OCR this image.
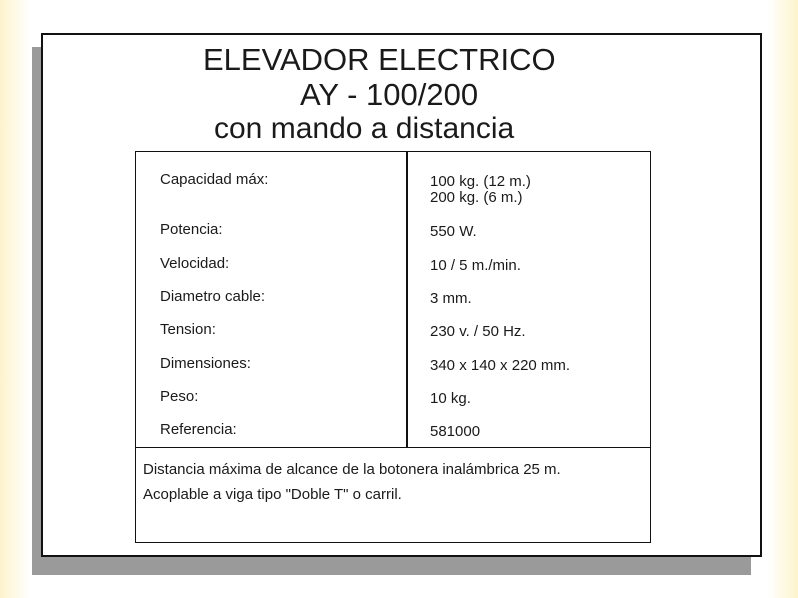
ELEVADOR ELECTRICO
AY - 100/200
con mando a distancia
Capacidad máx:	100 kg. (12 m.)
200 kg. (6 m.)
Potencia:	550 W.
Velocidad:	10 / 5 m./min.
Diametro cable:	3 mm.
Tension:	230 v. / 50 Hz.
Dimensiones:	340 x 140 x 220 mm.
Peso:	10 kg.
Referencia:	581000
Distancia máxima de alcance de la botonera inalámbrica 25 m.
Acoplable a viga tipo "Doble T" o carril.
